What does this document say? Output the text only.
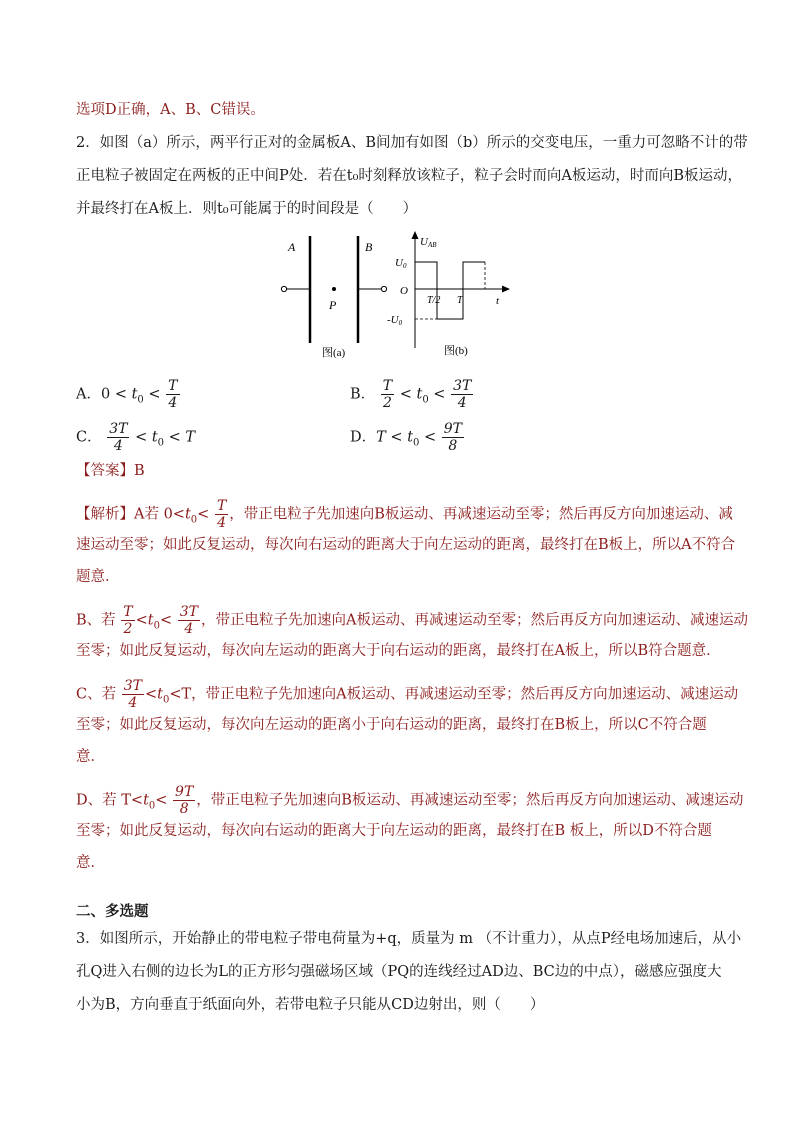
选项D正确，A、B、C错误。
2．如图（a）所示，两平行正对的金属板A、B间加有如图（b）所示的交变电压，一重力可忽略不计的带
正电粒子被固定在两板的正中间P处．若在t₀时刻释放该粒子，粒子会时而向A板运动，时而向B板运动，
并最终打在A板上．则t₀可能属于的时间段是（　　）
A	B
P
图(a)
UAB
U0
O
-U0
T/2 T	t
图(b)
A．$0 < t_0 < \frac{T}{4}$	B． $\frac{T}{2} < t_0 < \frac{3T}{4}$
C． $\frac{3T}{4} < t_0 < T$	D．$T < t_0 < \frac{9T}{8}$
【答案】B
【解析】A若 $0<t_0< \frac{T}{4}$ ，带正电粒子先加速向B板运动、再减速运动至零；然后再反方向加速运动、减
速运动至零；如此反复运动，每次向右运动的距离大于向左运动的距离，最终打在B板上，所以A不符合
题意．
B、若 $\frac{T}{2} <t_0< \frac{3T}{4}$ ，带正电粒子先加速向A板运动、再减速运动至零；然后再反方向加速运动、减速运动
至零；如此反复运动，每次向左运动的距离大于向右运动的距离，最终打在A板上，所以B符合题意．
C、若 $\frac{3T}{4} <t_0<T$，带正电粒子先加速向A板运动、再减速运动至零；然后再反方向加速运动、减速运动
至零；如此反复运动，每次向左运动的距离小于向右运动的距离，最终打在B板上，所以C不符合题
意．
D、若 $T<t_0< \frac{9T}{8}$ ，带正电粒子先加速向B板运动、再减速运动至零；然后再反方向加速运动、减速运动
至零；如此反复运动，每次向右运动的距离大于向左运动的距离，最终打在B 板上，所以D不符合题
意．
二、多选题
3．如图所示，开始静止的带电粒子带电荷量为+q，质量为 m （不计重力），从点P经电场加速后，从小
孔Q进入右侧的边长为L的正方形匀强磁场区域（PQ的连线经过AD边、BC边的中点），磁感应强度大
小为B，方向垂直于纸面向外，若带电粒子只能从CD边射出，则（　　）
